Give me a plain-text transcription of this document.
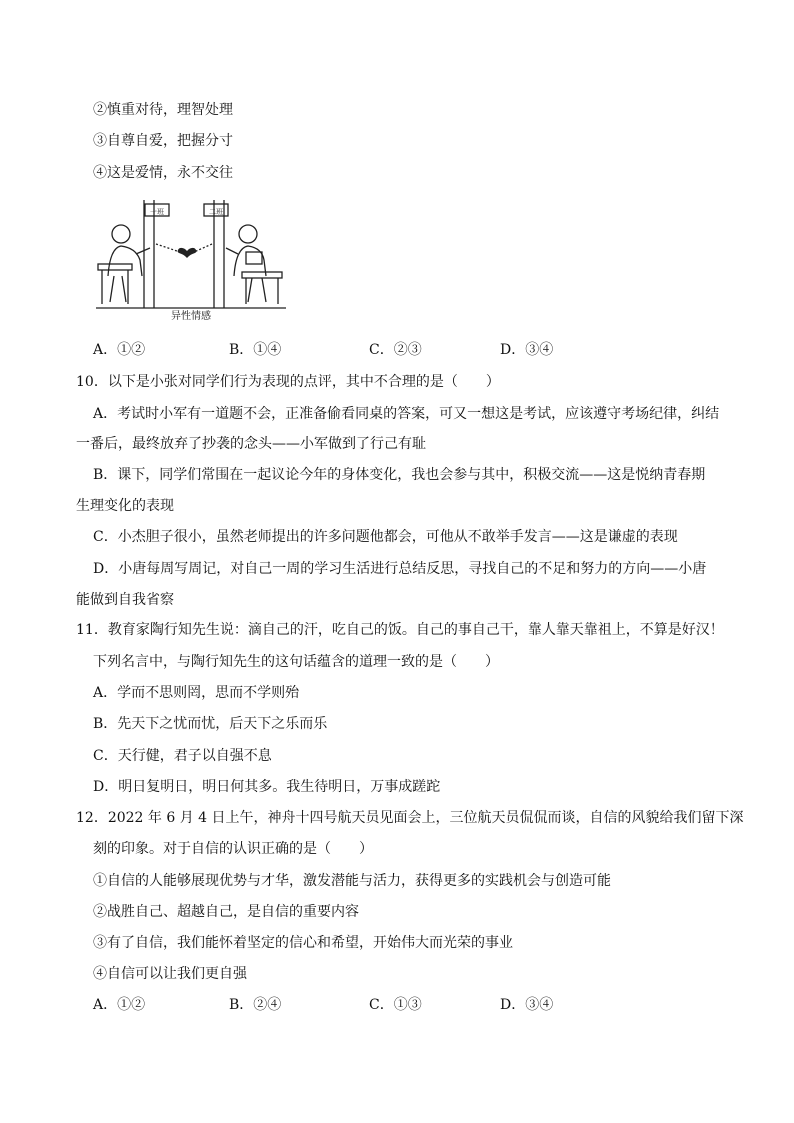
②慎重对待，理智处理
③自尊自爱，把握分寸
④这是爱情，永不交往
一班	二班
异性情感
A．①②	B．①④	C．②③	D．③④
10．以下是小张对同学们行为表现的点评，其中不合理的是（　　）
A．考试时小军有一道题不会，正准备偷看同桌的答案，可又一想这是考试，应该遵守考场纪律，纠结
一番后，最终放弃了抄袭的念头——小军做到了行己有耻
B．课下，同学们常围在一起议论今年的身体变化，我也会参与其中，积极交流——这是悦纳青春期
生理变化的表现
C．小杰胆子很小，虽然老师提出的许多问题他都会，可他从不敢举手发言——这是谦虚的表现
D．小唐每周写周记，对自己一周的学习生活进行总结反思，寻找自己的不足和努力的方向——小唐
能做到自我省察
11．教育家陶行知先生说：滴自己的汗，吃自己的饭。自己的事自己干，靠人靠天靠祖上，不算是好汉！
下列名言中，与陶行知先生的这句话蕴含的道理一致的是（　　）
A．学而不思则罔，思而不学则殆
B．先天下之忧而忧，后天下之乐而乐
C．天行健，君子以自强不息
D．明日复明日，明日何其多。我生待明日，万事成蹉跎
12．2022 年 6 月 4 日上午，神舟十四号航天员见面会上，三位航天员侃侃而谈，自信的风貌给我们留下深
刻的印象。对于自信的认识正确的是（　　）
①自信的人能够展现优势与才华，激发潜能与活力，获得更多的实践机会与创造可能
②战胜自己、超越自己，是自信的重要内容
③有了自信，我们能怀着坚定的信心和希望，开始伟大而光荣的事业
④自信可以让我们更自强
A．①②	B．②④	C．①③	D．③④
